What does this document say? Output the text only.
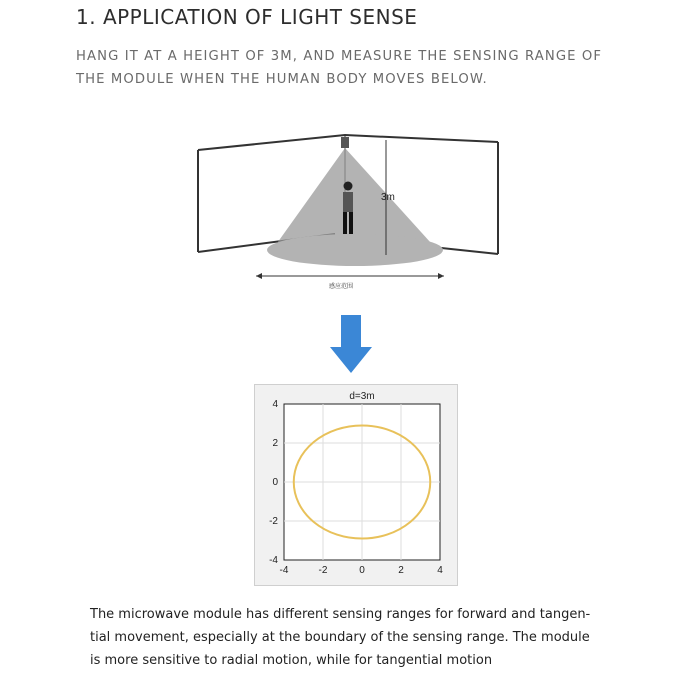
1. APPLICATION OF LIGHT SENSE
HANG IT AT A HEIGHT OF 3M, AND MEASURE THE SENSING RANGE OF
THE MODULE WHEN THE HUMAN BODY MOVES BELOW.
3m
感应范围
d=3m
-4	-2	0	2	4
4
2
0
-2
-4
The microwave module has different sensing ranges for forward and tangen-
tial movement, especially at the boundary of the sensing range. The module
is more sensitive to radial motion, while for tangential motion
